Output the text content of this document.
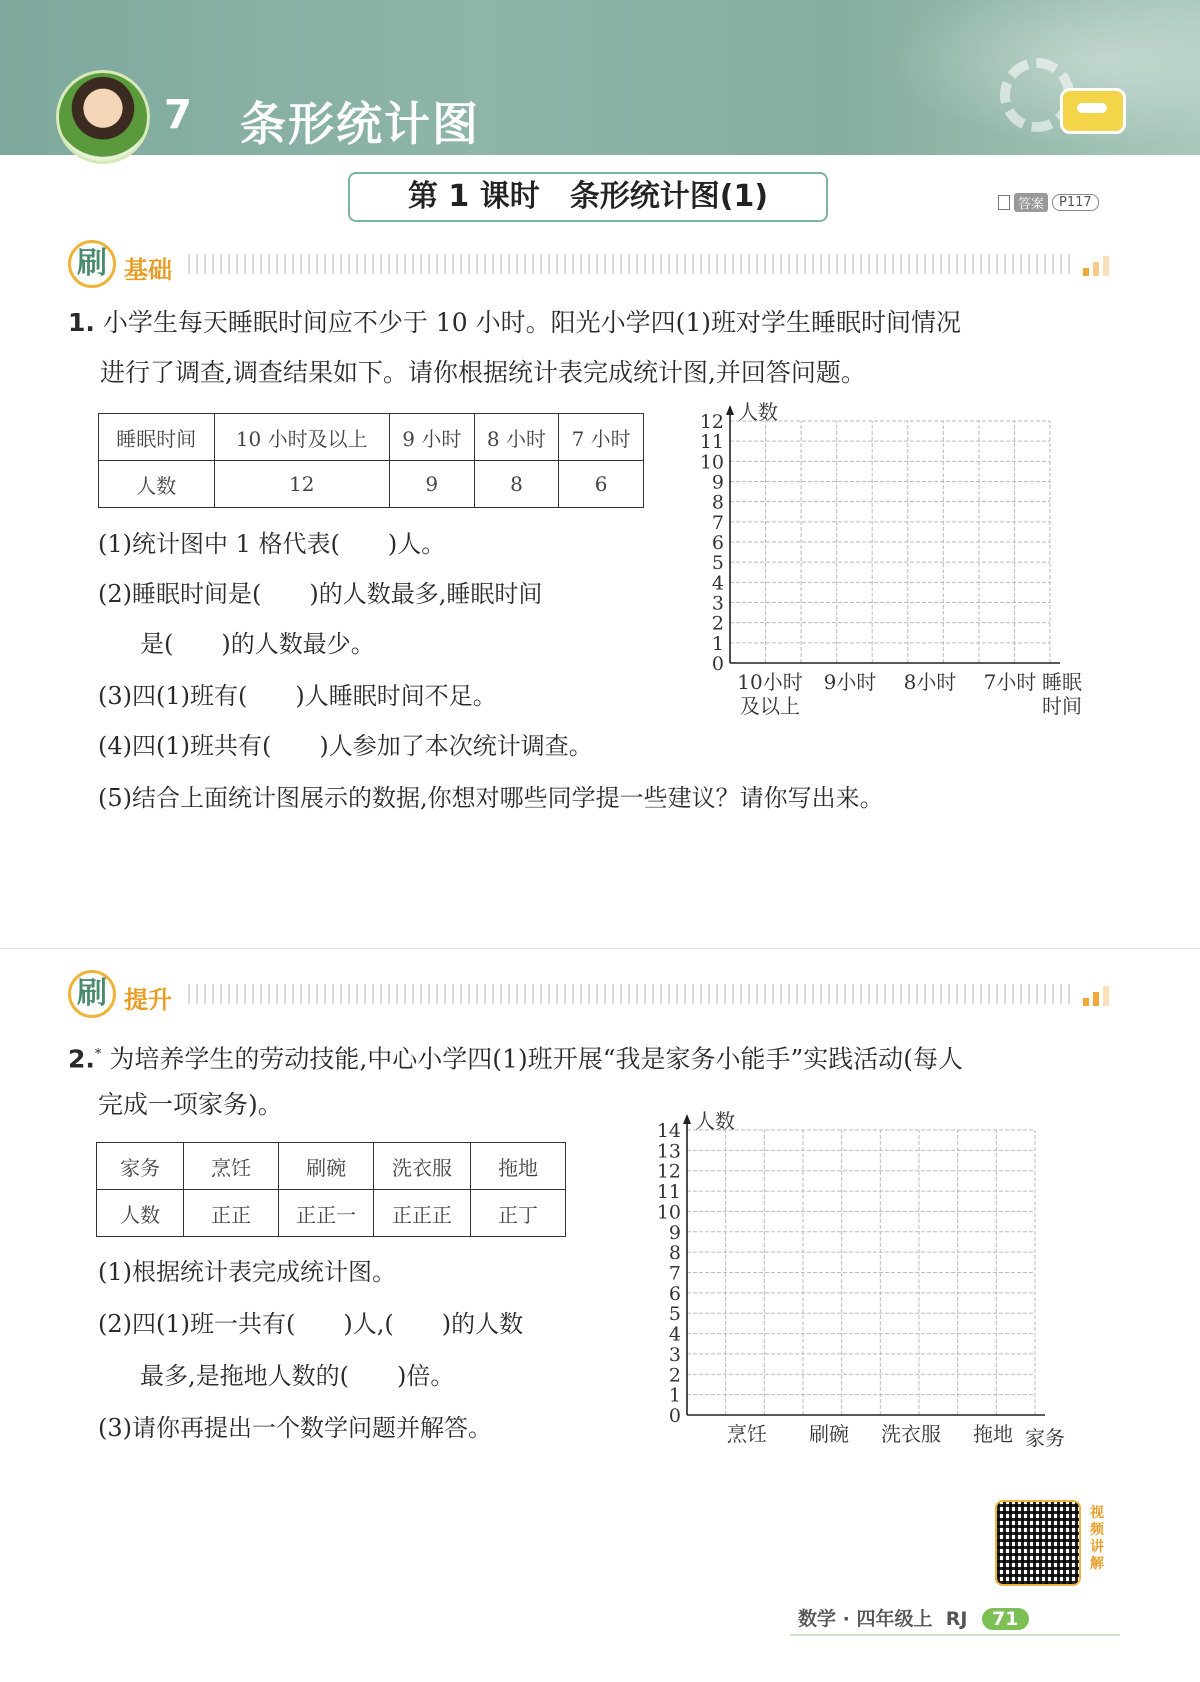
7 条形统计图
第 1 课时　条形统计图(1)	答案	P117
刷 基础
1. 小学生每天睡眠时间应不少于 10 小时。阳光小学四(1)班对学生睡眠时间情况
进行了调查,调查结果如下。请你根据统计表完成统计图,并回答问题。
睡眠时间	10 小时及以上	9 小时	8 小时	7 小时
人数	12	9	8	6
(1)统计图中 1 格代表(　　)人。
(2)睡眠时间是(　　)的人数最多,睡眠时间
是(　　)的人数最少。
(3)四(1)班有(　　)人睡眠时间不足。
(4)四(1)班共有(　　)人参加了本次统计调查。
(5)结合上面统计图展示的数据,你想对哪些同学提一些建议？请你写出来。
0
1
2
3
4
5
6
7
8
9
10
11
12 人数
10小时
及以上
9小时 8小时 7小时 睡眠
时间
刷 提升
2.* 为培养学生的劳动技能,中心小学四(1)班开展“我是家务小能手”实践活动(每人
完成一项家务)。
家务	烹饪	刷碗	洗衣服	拖地
人数	正正	正正一	正正正	正丁
(1)根据统计表完成统计图。
(2)四(1)班一共有(　　)人,(　　)的人数
最多,是拖地人数的(　　)倍。
(3)请你再提出一个数学问题并解答。	0
1
2
3
4
5
6
7
8
9
10
11
12
13
14 人数
烹饪 刷碗 洗衣服 拖地 家务
视频讲解
数学 · 四年级上 RJ 71
